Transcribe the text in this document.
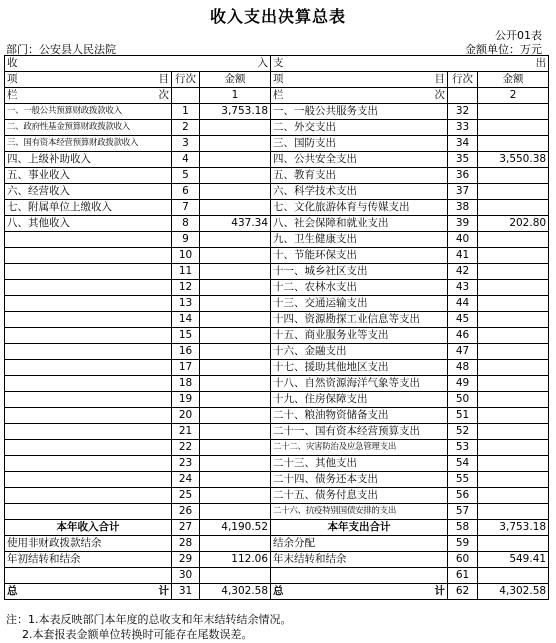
收入支出决算总表
公开01表
部门：公安县人民法院	金额单位：万元
收 入			支 出		

项 目	行次	金额	项 目	行次	金额

栏 次		1	栏 次		2
一、一般公共预算财政拨款收入	1	3,753.18	一、一般公共服务支出	32	
二、政府性基金预算财政拨款收入	2		二、外交支出	33	
三、国有资本经营预算财政拨款收入	3		三、国防支出	34	
四、上级补助收入	4		四、公共安全支出	35	3,550.38
五、事业收入	5		五、教育支出	36	
六、经营收入	6		六、科学技术支出	37	
七、附属单位上缴收入	7		七、文化旅游体育与传媒支出	38	
八、其他收入	8	437.34	八、社会保障和就业支出	39	202.80
	9		九、卫生健康支出	40	
	10		十、节能环保支出	41	
	11		十一、城乡社区支出	42	
	12		十二、农林水支出	43	
	13		十三、交通运输支出	44	
	14		十四、资源勘探工业信息等支出	45	
	15		十五、商业服务业等支出	46	
	16		十六、金融支出	47	
	17		十七、援助其他地区支出	48	
	18		十八、自然资源海洋气象等支出	49	
	19		十九、住房保障支出	50	
	20		二十、粮油物资储备支出	51	
	21		二十一、国有资本经营预算支出	52	
	22		二十二、灾害防治及应急管理支出	53	
	23		二十三、其他支出	54	
	24		二十四、债务还本支出	55	
	25		二十五、债务付息支出	56	
	26		二十六、抗疫特别国债安排的支出	57	
本年收入合计	27	4,190.52	本年支出合计	58	3,753.18
使用非财政拨款结余	28		结余分配	59	
年初结转和结余	29	112.06	年末结转和结余	60	549.41
	30			61	

总 计	31	4,302.58	总 计	62	4,302.58
注：1.本表反映部门本年度的总收支和年末结转结余情况。
2.本套报表金额单位转换时可能存在尾数误差。
